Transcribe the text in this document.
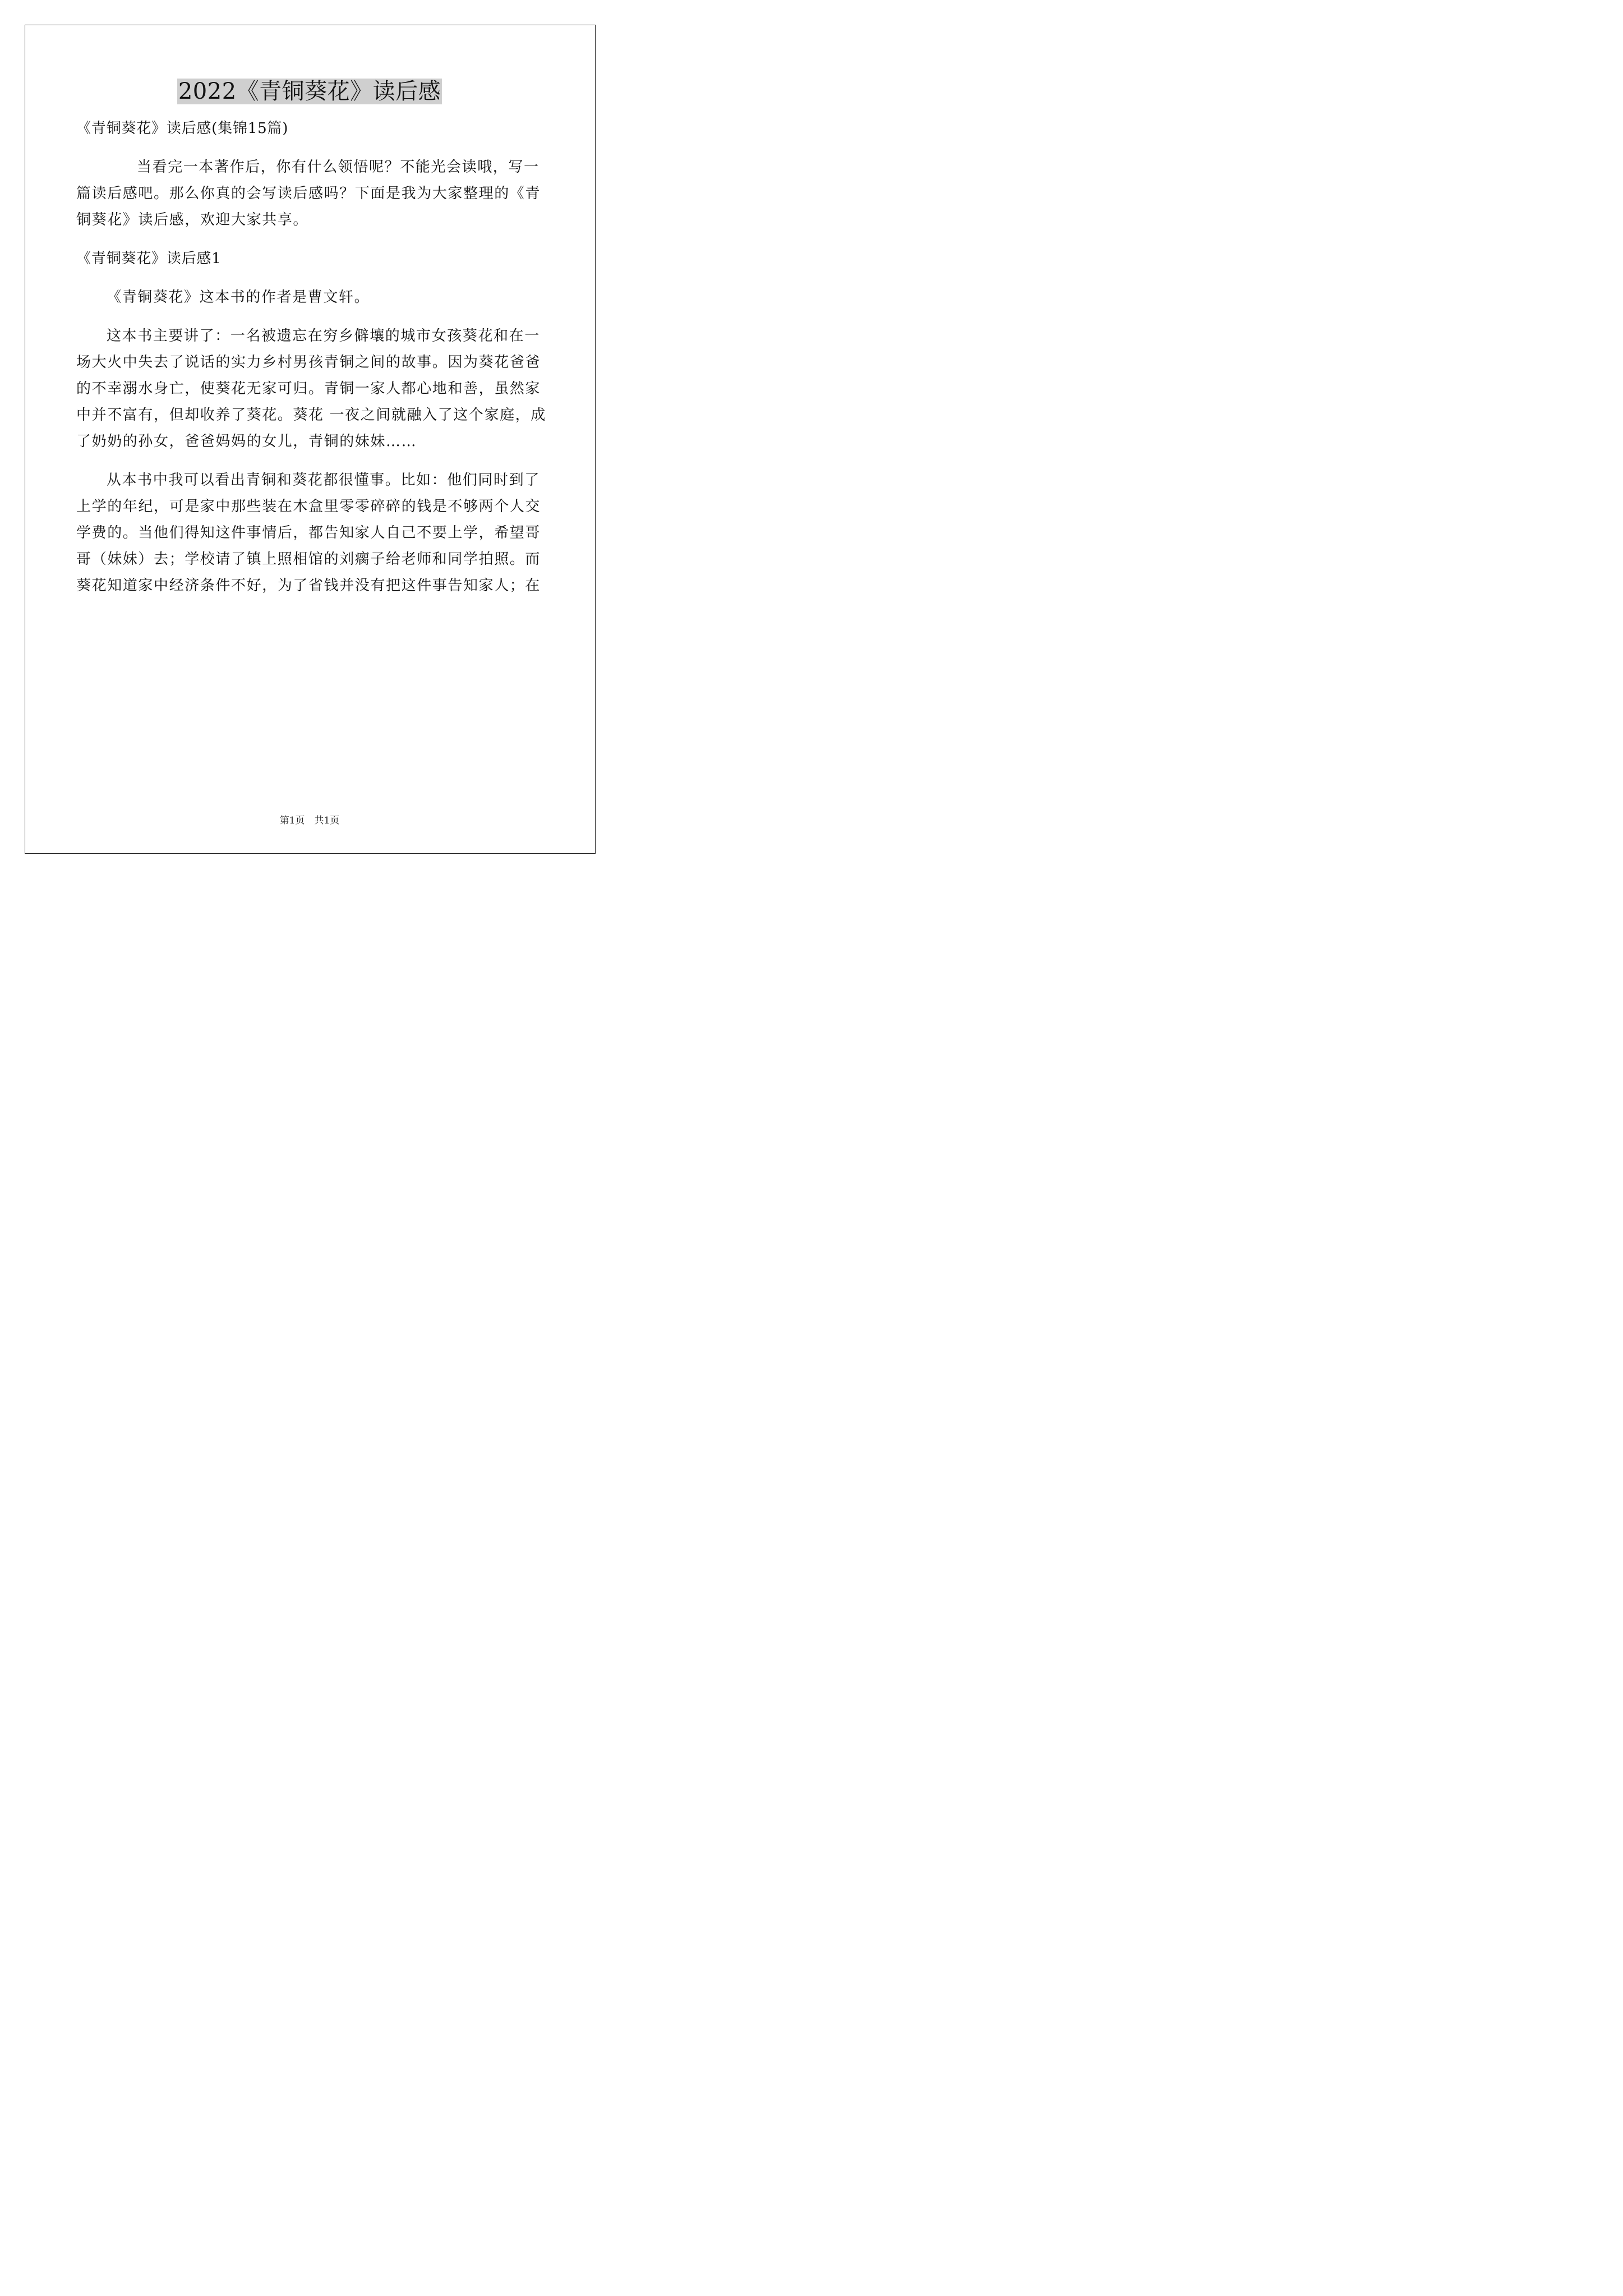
2022《青铜葵花》读后感

《青铜葵花》读后感(集锦15篇)

当看完一本著作后，你有什么领悟呢？不能光会读哦，写一篇读后感吧。那么你真的会写读后感吗？下面是我为大家整理的《青铜葵花》读后感，欢迎大家共享。

《青铜葵花》读后感1

《青铜葵花》这本书的作者是曹文轩。

这本书主要讲了：一名被遗忘在穷乡僻壤的城市女孩葵花和在一场大火中失去了说话的实力乡村男孩青铜之间的故事。因为葵花爸爸的不幸溺水身亡，使葵花无家可归。青铜一家人都心地和善，虽然家中并不富有，但却收养了葵花。葵花 一夜之间就融入了这个家庭，成了奶奶的孙女，爸爸妈妈的女儿，青铜的妹妹……

从本书中我可以看出青铜和葵花都很懂事。比如：他们同时到了上学的年纪，可是家中那些装在木盒里零零碎碎的钱是不够两个人交学费的。当他们得知这件事情后，都告知家人自己不要上学，希望哥哥（妹妹）去；学校请了镇上照相馆的刘瘸子给老师和同学拍照。而葵花知道家中经济条件不好，为了省钱并没有把这件事告知家人；在

第1页　共1页
